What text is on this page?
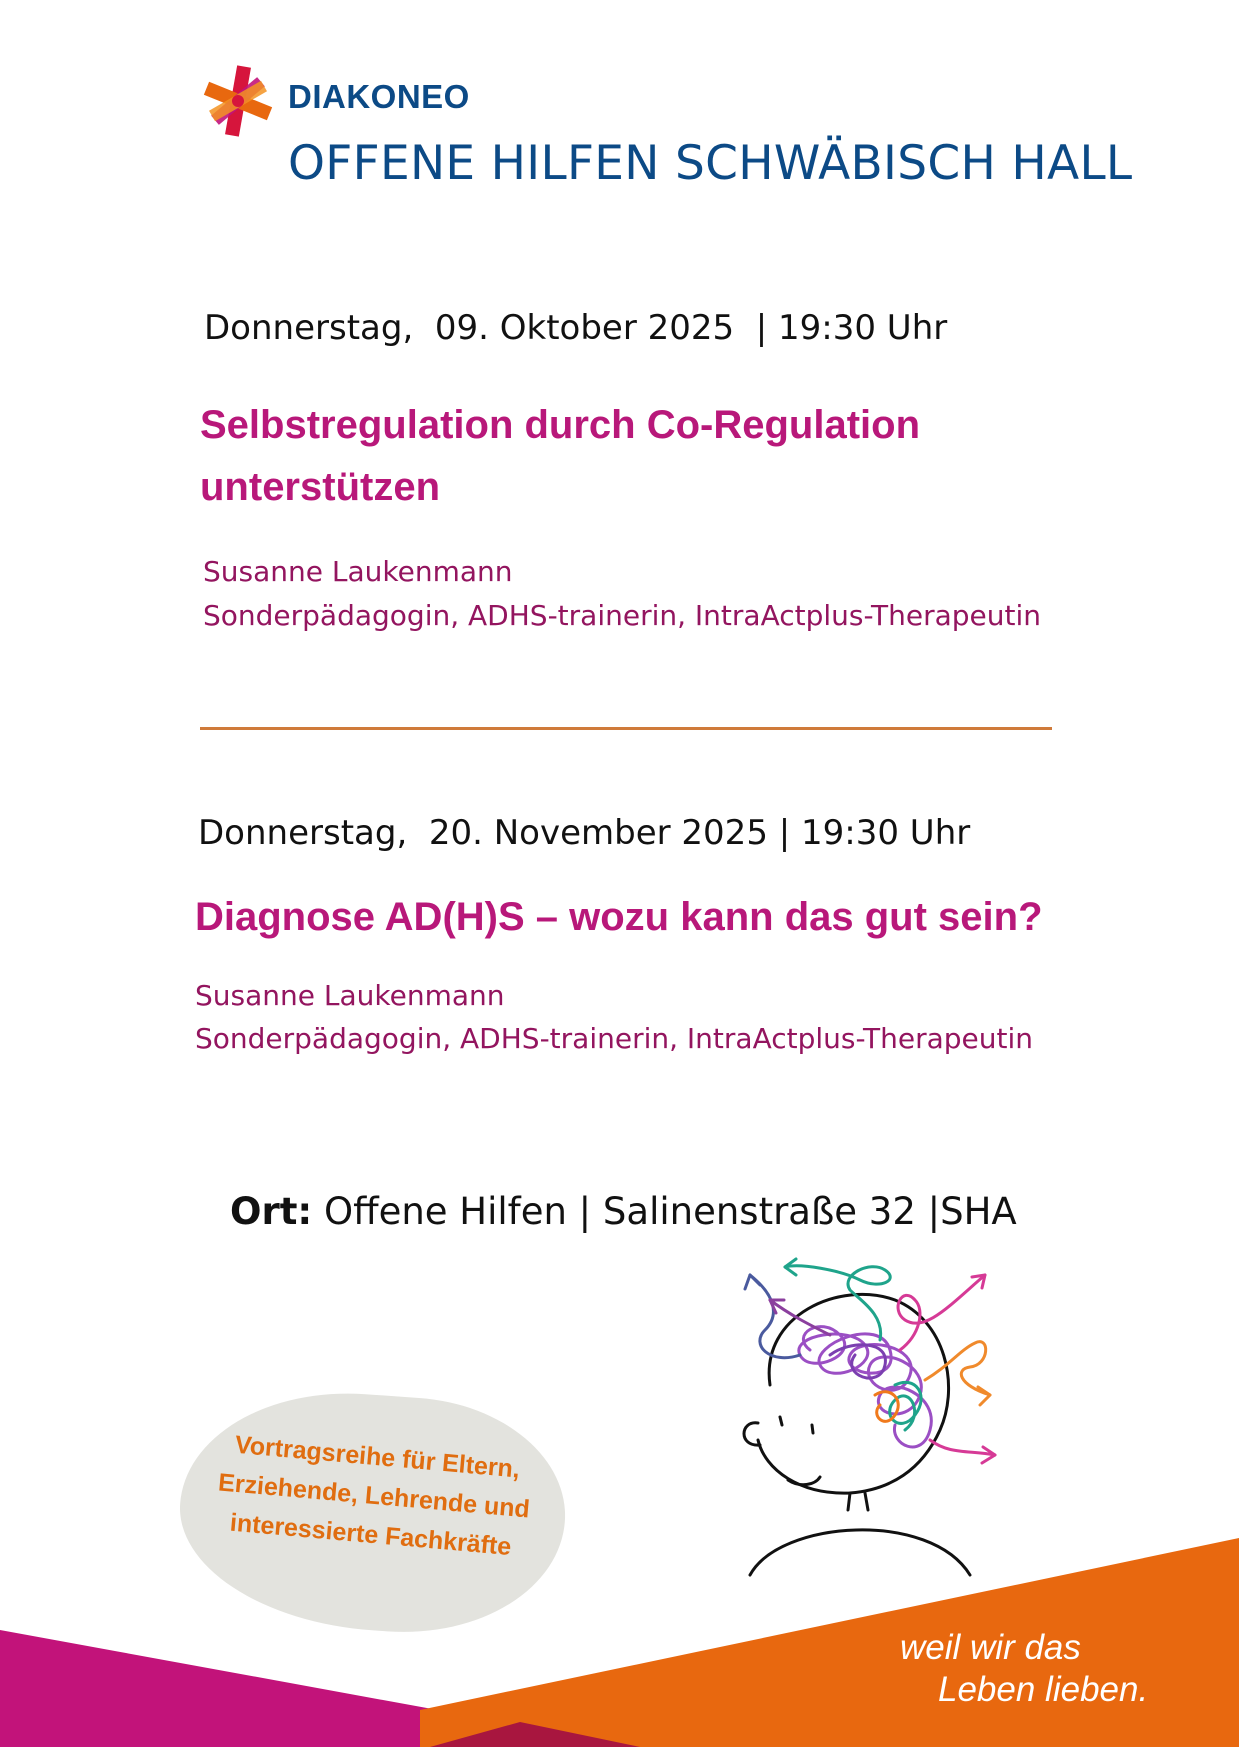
DIAKONEO
OFFENE HILFEN SCHWÄBISCH HALL
Donnerstag,  09. Oktober 2025  | 19:30 Uhr
Selbstregulation durch Co-Regulation
unterstützen
Susanne Laukenmann
Sonderpädagogin, ADHS-trainerin, IntraActplus-Therapeutin
Donnerstag,  20. November 2025 | 19:30 Uhr
Diagnose AD(H)S – wozu kann das gut sein?
Susanne Laukenmann
Sonderpädagogin, ADHS-trainerin, IntraActplus-Therapeutin
Ort: Offene Hilfen | Salinenstraße 32 |SHA
Vortragsreihe für Eltern,
Erziehende, Lehrende und
interessierte Fachkräfte
weil wir das
Leben lieben.
